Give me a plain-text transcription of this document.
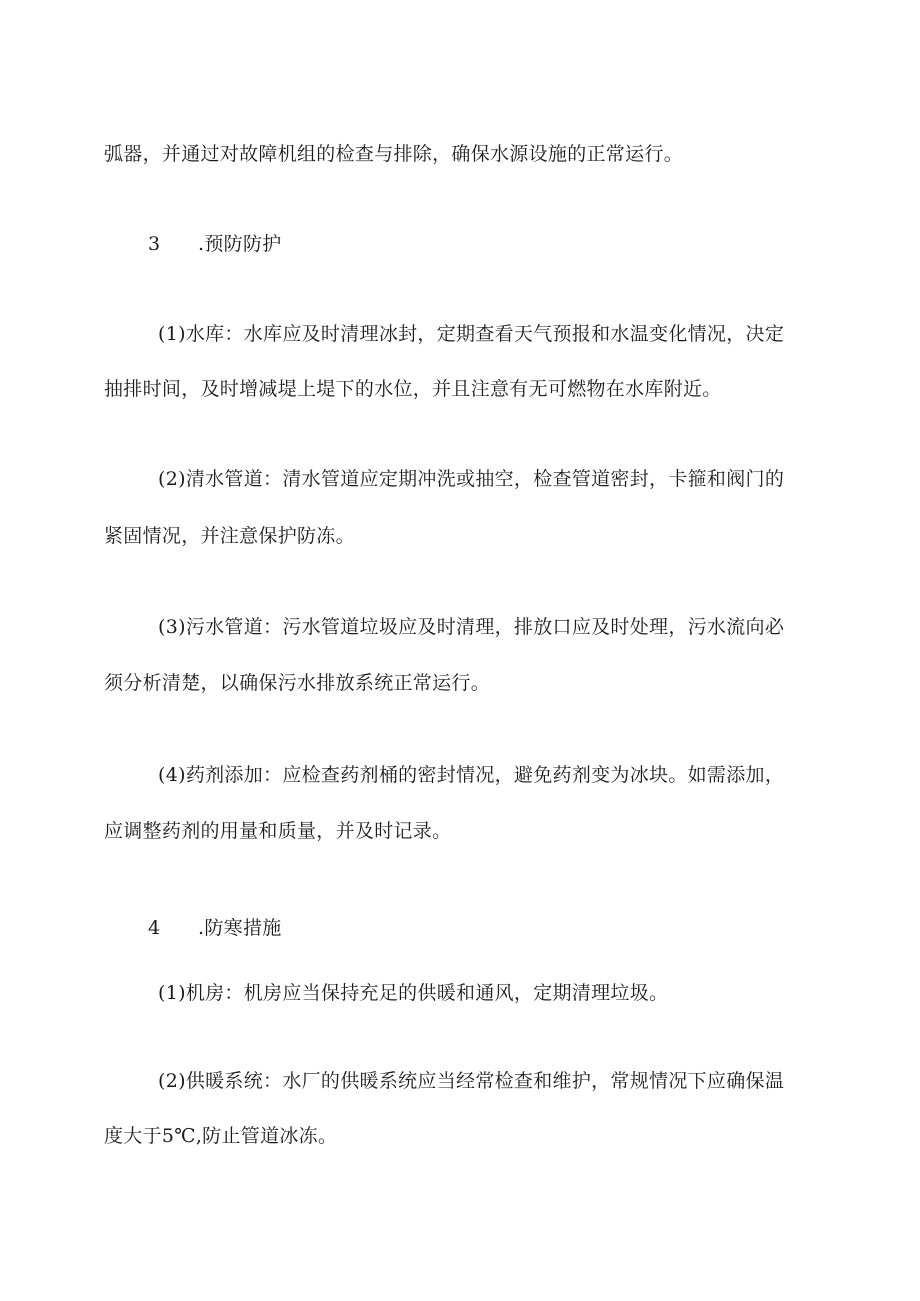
弧器，并通过对故障机组的检查与排除，确保水源设施的正常运行。
3 .预防防护
(1)水库：水库应及时清理冰封，定期查看天气预报和水温变化情况，决定
抽排时间，及时增减堤上堤下的水位，并且注意有无可燃物在水库附近。
(2)清水管道：清水管道应定期冲洗或抽空，检查管道密封，卡箍和阀门的
紧固情况，并注意保护防冻。
(3)污水管道：污水管道垃圾应及时清理，排放口应及时处理，污水流向必
须分析清楚，以确保污水排放系统正常运行。
(4)药剂添加：应检查药剂桶的密封情况，避免药剂变为冰块。如需添加，
应调整药剂的用量和质量，并及时记录。
4 .防寒措施
(1)机房：机房应当保持充足的供暖和通风，定期清理垃圾。
(2)供暖系统：水厂的供暖系统应当经常检查和维护，常规情况下应确保温
度大于5℃,防止管道冰冻。
